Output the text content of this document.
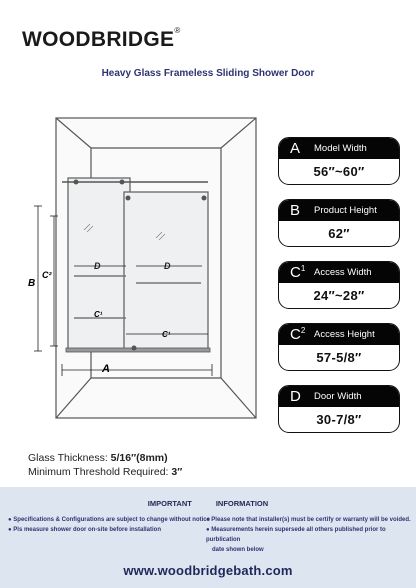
WOODBRIDGE®
Heavy Glass Frameless Sliding Shower Door
B
C²
D	D
C¹
C¹
A
A	Model Width
56″~60″
B	Product Height
62″
$C^1$ Access Width
24″~28″
$C^2$ Access Height
57-5/8″
D	Door Width
30-7/8″
Glass Thickness: 5/16″(8mm)
Minimum Threshold Required: 3″
IMPORTANT	INFORMATION
● Specifications & Configurations are subject to change without notice
● Pls measure shower door on-site before installation
● Please note that installer(s) must be certify or warranty will be voided.
● Measurements herein supersede all others published prior to purblication
date shown below
www.woodbridgebath.com
